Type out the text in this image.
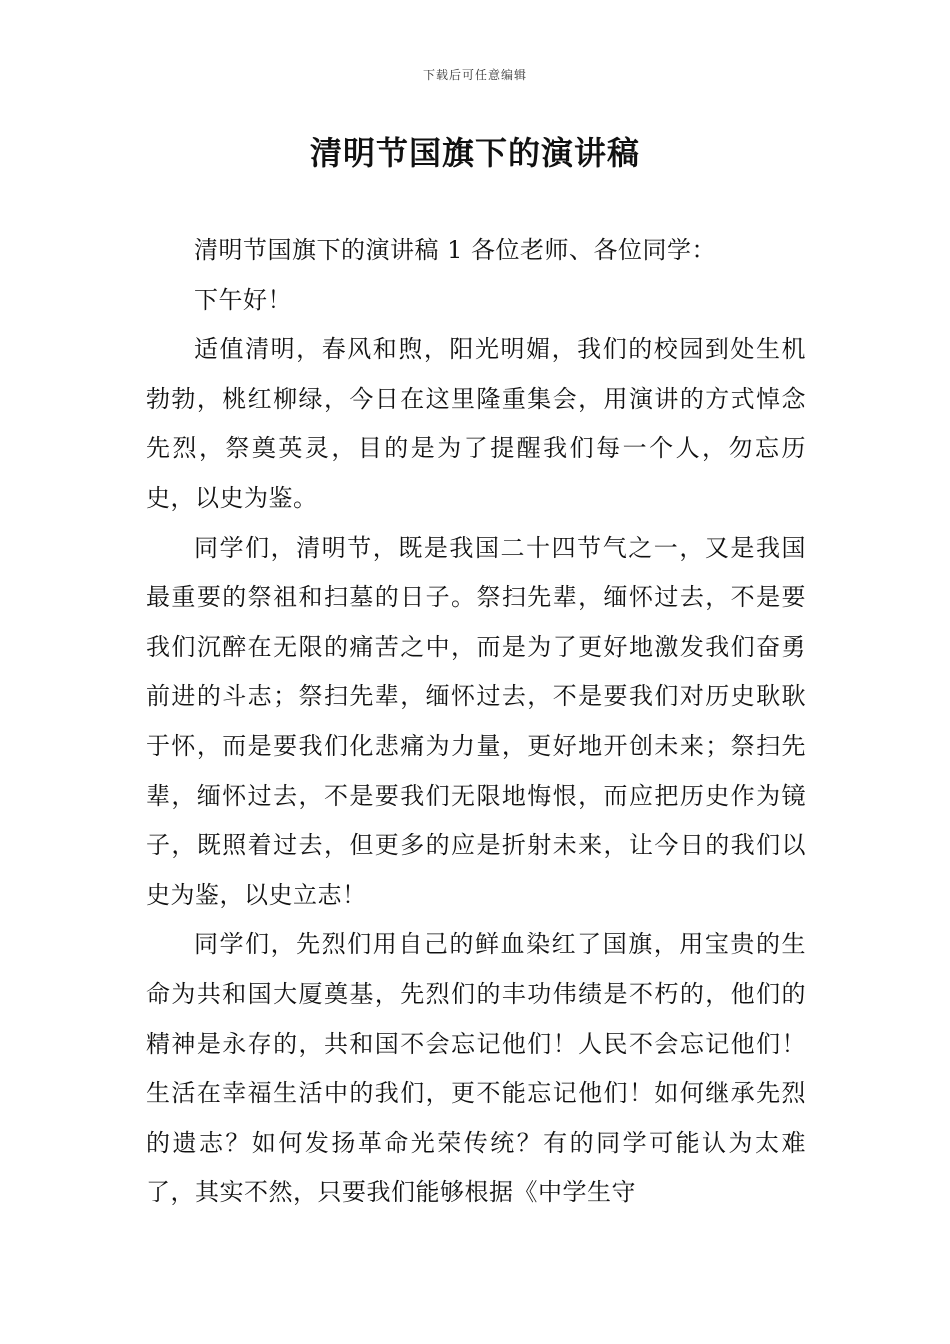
下载后可任意编辑
清明节国旗下的演讲稿

清明节国旗下的演讲稿 1 各位老师、各位同学：

下午好！

适值清明，春风和煦，阳光明媚，我们的校园到处生机勃勃，桃红柳绿，今日在这里隆重集会，用演讲的方式悼念先烈，祭奠英灵，目的是为了提醒我们每一个人，勿忘历史，以史为鉴。

同学们，清明节，既是我国二十四节气之一，又是我国最重要的祭祖和扫墓的日子。祭扫先辈，缅怀过去，不是要我们沉醉在无限的痛苦之中，而是为了更好地激发我们奋勇前进的斗志；祭扫先辈，缅怀过去，不是要我们对历史耿耿于怀，而是要我们化悲痛为力量，更好地开创未来；祭扫先辈，缅怀过去，不是要我们无限地悔恨，而应把历史作为镜子，既照着过去，但更多的应是折射未来，让今日的我们以史为鉴，以史立志！

同学们，先烈们用自己的鲜血染红了国旗，用宝贵的生命为共和国大厦奠基，先烈们的丰功伟绩是不朽的，他们的精神是永存的，共和国不会忘记他们！人民不会忘记他们！生活在幸福生活中的我们，更不能忘记他们！如何继承先烈的遗志？如何发扬革命光荣传统？有的同学可能认为太难了，其实不然，只要我们能够根据《中学生守
